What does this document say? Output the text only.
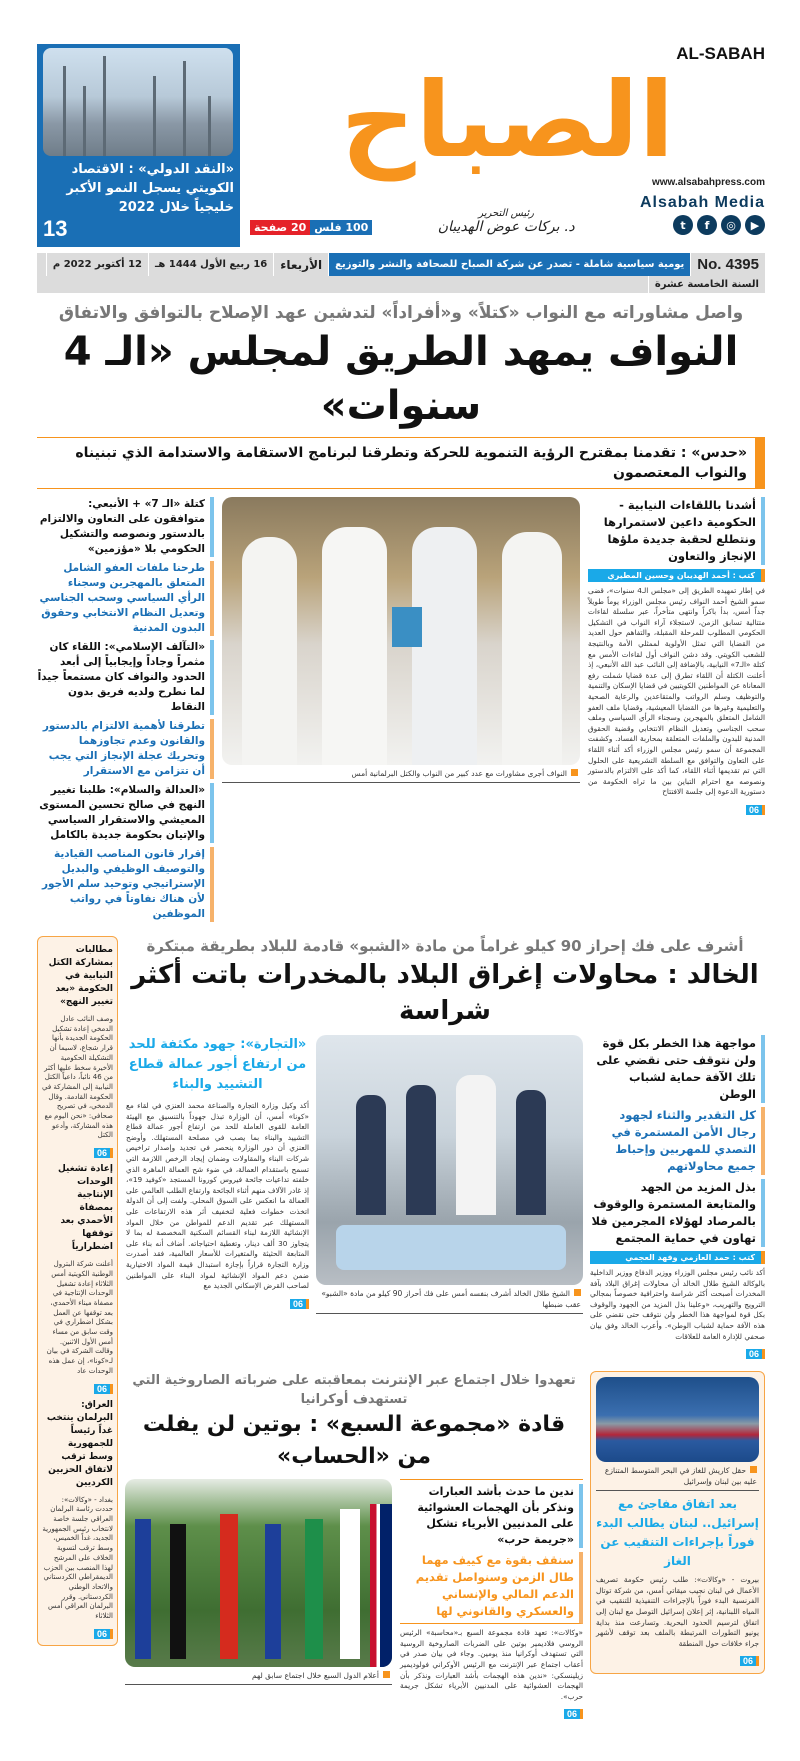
«النقد الدولي» : الاقتصاد الكويتي يسجل النمو الأكبر خليجياً خلال 2022
13
AL-SABAH
الصباح
www.alsabahpress.com
100 فلس
20 صفحة
رئيس التحرير
د. بركات عوض الهديبان
Alsabah Media
t	f	◎	▶
No. 4395
يومية سياسية شاملة - تصدر عن شركة الصباح للصحافة والنشر والتوزيع
الأربعاء
16 ربيع الأول 1444 هـ
12 أكتوبر 2022 م
السنة الخامسة عشرة
واصل مشاوراته مع النواب «كتلاً» و«أفراداً» لتدشين عهد الإصلاح بالتوافق والاتفاق
النواف يمهد الطريق لمجلس «الـ 4 سنوات»
«حدس» : تقدمنا بمقترح الرؤية التنموية للحركة وتطرقنا لبرنامج الاستقامة والاستدامة الذي تبنيناه والنواب المعتصمون
أشدنا باللقاءات النيابية - الحكومية داعين لاستمرارها ونتطلع لحقبة جديدة ملؤها الإنجاز والتعاون
كتب : أحمد الهديبان وحسين المطيري
في إطار تمهيده الطريق إلى «مجلس الـ4 سنوات»، قضى سمو الشيخ أحمد النواف رئيس مجلس الوزراء يوماً طويلاً جداً أمس، بدأ باكراً وانتهى متأخراً، عبر سلسلة لقاءات متتالية تسابق الزمن، لاستجلاء آراء النواب في التشكيل الحكومي المطلوب للمرحلة المقبلة، والتفاهم حول العديد من القضايا التي تمثل الأولوية لممثلي الأمة وبالنتيجة للشعب الكويتي. وقد دشن النواف أول لقاءات الأمس مع كتلة «الـ7» النيابية، بالإضافة إلى النائب عبد الله الأنبعي، إذ أعلنت الكتلة أن اللقاء تطرق إلى عدة قضايا شملت رفع المعاناة عن المواطنين الكويتيين في قضايا الإسكان والتنمية والتوظيف وسلم الرواتب والمتقاعدين والرعاية الصحية والتعليمية وغيرها من القضايا المعيشية، وقضايا ملف العفو الشامل المتعلق بالمهجرين وسجناء الرأي السياسي وملف سحب الجناسي وتعديل النظام الانتخابي وقضية الحقوق المدنية للبدون والملفات المتعلقة بمحاربة الفساد. وكشفت المجموعة أن سمو رئيس مجلس الوزراء أكد أثناء اللقاء على التعاون والتوافق مع السلطة التشريعية على الحلول التي تم تقديمها أثناء اللقاء، كما أكد على الالتزام بالدستور ونصوصه مع احترام التباين بين ما تراه الحكومة من دستورية الدعوة إلى جلسة الافتتاح
06
النواف أجرى مشاورات مع عدد كبير من النواب والكتل البرلمانية أمس
كتلة «الـ 7» + الأنبعي: متوافقون على التعاون والالتزام بالدستور ونصوصه والتشكيل الحكومي بلا «مؤزمين»
طرحنا ملفات العفو الشامل المتعلق بالمهجرين وسجناء الرأي السياسي وسحب الجناسي وتعديل النظام الانتخابي وحقوق البدون المدنية
«التآلف الإسلامي»: اللقاء كان مثمراً وجاداً وإيجابياً إلى أبعد الحدود والنواف كان مستمعاً جيداً لما نطرح ولديه فريق بدون النقاط
تطرقنا لأهمية الالتزام بالدستور والقانون وعدم تجاوزهما وتحريك عجلة الإنجاز التي يجب أن تتزامن مع الاستقرار
«العدالة والسلام»: طلبنا تغيير النهج في صالح تحسين المستوى المعيشي والاستقرار السياسي والإتيان بحكومة جديدة بالكامل
إقرار قانون المناصب القيادية والتوصيف الوظيفي والبديل الإستراتيجي وتوحيد سلم الأجور لأن هناك تفاوتاً في رواتب الموظفين
مطالبات بمشاركة الكتل النيابية في الحكومة «بعد تغيير النهج»
وصف النائب عادل الدمخي إعادة تشكيل الحكومة الجديدة بأنها قرار شجاع، لاسيما أن التشكيلة الحكومية الأخيرة سخط عليها أكثر من 46 نائباً، داعياً الكتل النيابية إلى المشاركة في الحكومة القادمة. وقال الدمخي، في تصريح صحافي: «نحن اليوم مع هذه المشاركة، وأدعو الكتل
06
إعادة تشغيل الوحدات الإنتاجية بمصفاة الأحمدي بعد توقفها اضطرارياً
أعلنت شركة البترول الوطنية الكويتية أمس الثلاثاء إعادة تشغيل الوحدات الإنتاجية في مصفاة ميناء الأحمدي، بعد توقفها عن العمل بشكل اضطراري في وقت سابق من مساء أمس الأول الاثنين. وقالت الشركة في بيان لـ«كونا»، إن عمل هذه الوحدات عاد
06
العراق: البرلمان ينتخب غداً رئيساً للجمهورية وسط ترقب لاتفاق الحزبين الكرديين
بغداد - «وكالات»: حددت رئاسة البرلمان العراقي جلسة خاصة لانتخاب رئيس الجمهورية الجديد، غداً الخميس، وسط ترقب لتسوية الخلاف على المرشح لهذا المنصب بين الحزب الديمقراطي الكردستاني والاتحاد الوطني الكردستاني. وقرر البرلمان العراقي أمس الثلاثاء
06
أشرف على فك إحراز 90 كيلو غراماً من مادة «الشبو» قادمة للبلاد بطريقة مبتكرة
الخالد : محاولات إغراق البلاد بالمخدرات باتت أكثر شراسة
مواجهة هذا الخطر بكل قوة ولن نتوقف حتى نقضي على تلك الآفة حماية لشباب الوطن
كل التقدير والثناء لجهود رجال الأمن المستمرة في التصدي للمهربين وإحباط جميع محاولاتهم
بذل المزيد من الجهد والمتابعة المستمرة والوقوف بالمرصاد لهؤلاء المجرمين فلا تهاون في حماية المجتمع
كتب : حمد العازمي وفهد العجمي
أكد نائب رئيس مجلس الوزراء ووزير الدفاع ووزير الداخلية بالوكالة الشيخ طلال الخالد أن محاولات إغراق البلاد بآفة المخدرات أصبحت أكثر شراسة واحترافية خصوصاً بمجالي الترويج والتهريب، «وعلينا بذل المزيد من الجهود والوقوف بكل قوة لمواجهة هذا الخطر ولن نتوقف حتى نقضي على هذه الآفة حماية لشباب الوطن». وأعرب الخالد وفق بيان صحفي للإدارة العامة للعلاقات
06
الشيخ طلال الخالد أشرف بنفسه أمس على فك أحراز 90 كيلو من مادة «الشبو» عقب ضبطها
«التجارة»: جهود مكثفة للحد من ارتفاع أجور عمالة قطاع التشييد والبناء
أكد وكيل وزارة التجارة والصناعة محمد العنزي في لقاء مع «كونا» أمس، أن الوزارة تبذل جهوداً بالتنسيق مع الهيئة العامة للقوى العاملة للحد من ارتفاع أجور عمالة قطاع التشييد والبناء بما يصب في مصلحة المستهلك. وأوضح العنزي أن دور الوزارة ينحصر في تجديد وإصدار تراخيص شركات البناء والمقاولات وضمان إيجاد الرخص اللازمة التي تسمح باستقدام العمالة، في ضوء شح العمالة الماهرة الذي خلفته تداعيات جائحة فيروس كورونا المستجد «كوفيد 19»، إذ غادر الآلاف منهم أثناء الجائحة وارتفاع الطلب العالمي على العمالة ما انعكس على السوق المحلي. ولفت إلى أن الدولة اتخذت خطوات فعلية لتخفيف أثر هذه الارتفاعات على المستهلك عبر تقديم الدعم للمواطن من خلال المواد الإنشائية اللازمة لبناء القسائم السكنية المخصصة له بما لا يتجاوز 30 ألف دينار، وتغطية احتياجاته. أضاف أنه بناء على المتابعة الحثيثة والمتغيرات للأسعار العالمية، فقد أصدرت وزارة التجارة قراراً بإجازة استبدال قيمة المواد الاختيارية ضمن دعم المواد الإنشائية لمواد البناء على المواطنين لصاحب القرض الإسكاني الجديد مع
06
حقل كاريش للغاز في البحر المتوسط المتنازع عليه بين لبنان وإسرائيل
بعد اتفاق مفاجئ مع إسرائيل.. لبنان يطالب البدء فوراً بإجراءات التنقيب عن الغاز
بيروت - «وكالات»: طلب رئيس حكومة تصريف الأعمال في لبنان نجيب ميقاتي أمس، من شركة توتال الفرنسية البدء فوراً بالإجراءات التنفيذية للتنقيب في المياه اللبنانية، إثر إعلان إسرائيل التوصل مع لبنان إلى اتفاق لترسيم الحدود البحرية. وتسارعت منذ بداية يونيو التطورات المرتبطة بالملف بعد توقف لأشهر جراء خلافات حول المنطقة
06
تعهدوا خلال اجتماع عبر الإنترنت بمعاقبته على ضرباته الصاروخية التي تستهدف أوكرانيا
قادة «مجموعة السبع» : بوتين لن يفلت من «الحساب»
ندين ما حدث بأشد العبارات ونذكر بأن الهجمات العشوائية على المدنيين الأبرياء تشكل «جريمة حرب»
سنقف بقوة مع كييف مهما طال الزمن وسنواصل تقديم الدعم المالي والإنساني والعسكري والقانوني لها
«وكالات»: تعهد قادة مجموعة السبع بـ«محاسبة» الرئيس الروسي فلاديمير بوتين على الضربات الصاروخية الروسية التي تستهدف أوكرانيا منذ يومين. وجاء في بيان صدر في أعقاب اجتماع عبر الإنترنت مع الرئيس الأوكراني فولوديمير زيلينسكي: «ندين هذه الهجمات بأشد العبارات ونذكر بأن الهجمات العشوائية على المدنيين الأبرياء تشكل جريمة حرب».
06
أعلام الدول السبع خلال اجتماع سابق لهم
